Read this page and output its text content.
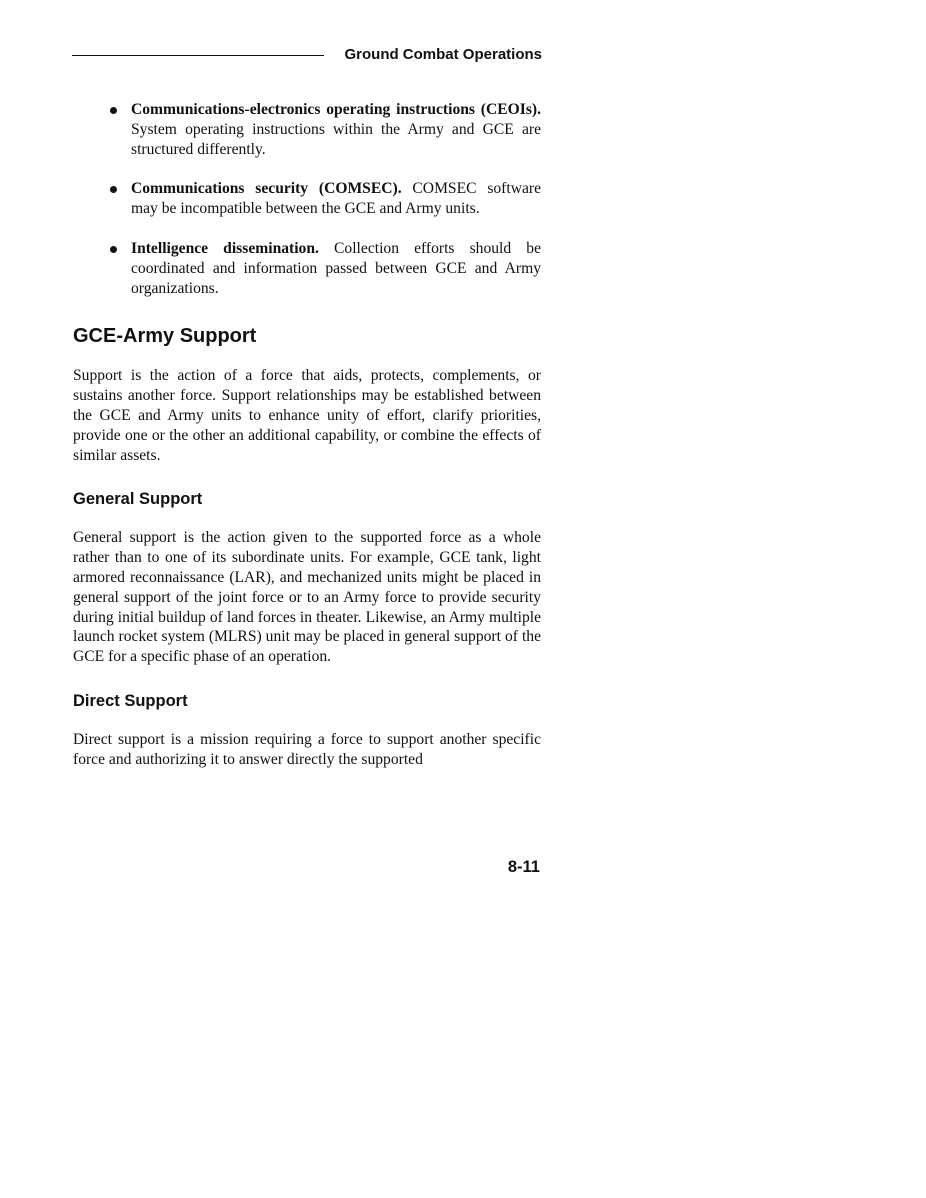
Ground Combat Operations
Communications-electronics operating instructions (CEOIs). System operating instructions within the Army and GCE are structured differently.
Communications security (COMSEC). COMSEC software may be incompatible between the GCE and Army units.
Intelligence dissemination. Collection efforts should be coordinated and information passed between GCE and Army organizations.
GCE-Army Support

Support is the action of a force that aids, protects, complements, or sustains another force. Support relationships may be established between the GCE and Army units to enhance unity of effort, clarify priorities, provide one or the other an additional capability, or combine the effects of similar assets.

General Support

General support is the action given to the supported force as a whole rather than to one of its subordinate units. For example, GCE tank, light armored reconnaissance (LAR), and mechanized units might be placed in general support of the joint force or to an Army force to provide security during initial buildup of land forces in theater. Likewise, an Army multiple launch rocket system (MLRS) unit may be placed in general support of the GCE for a specific phase of an operation.

Direct Support

Direct support is a mission requiring a force to support another specific force and authorizing it to answer directly the supported

8-11
